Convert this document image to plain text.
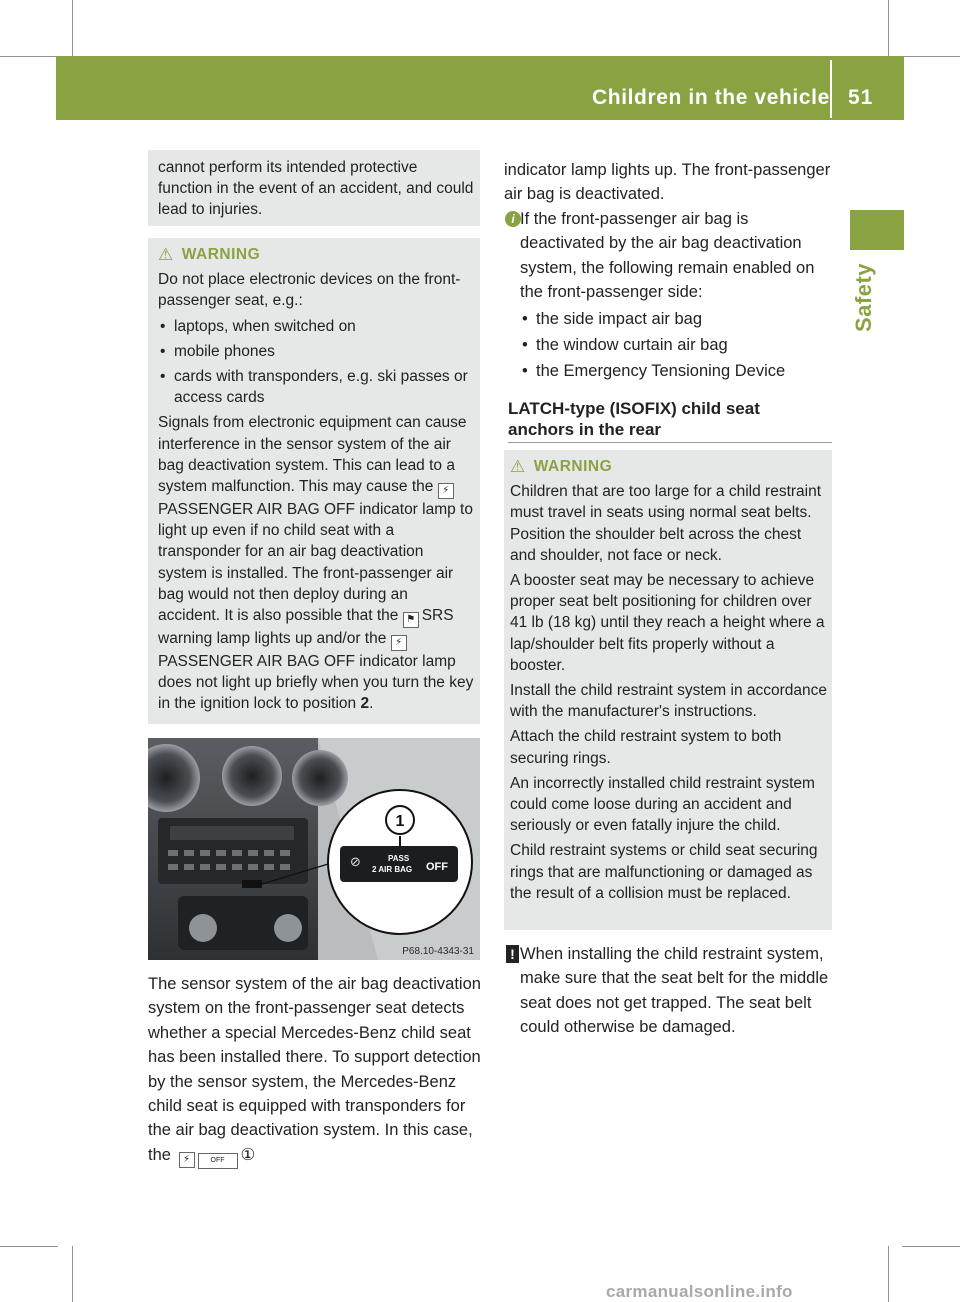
Children in the vehicle 51
Safety
cannot perform its intended protective
function in the event of an accident, and could
lead to injuries.
⚠ WARNING

Do not place electronic devices on the front-passenger seat, e.g.:

• laptops, when switched on
• mobile phones
• cards with transponders, e.g. ski passes or access cards

Signals from electronic equipment can cause interference in the sensor system of the air bag deactivation system. This can lead to a system malfunction. This may cause the ⚡PASSENGER AIR BAG OFF indicator lamp to light up even if no child seat with a transponder for an air bag deactivation system is installed. The front-passenger air bag would not then deploy during an accident. It is also possible that the ⚑ SRS warning lamp lights up and/or the ⚡PASSENGER AIR BAG OFF indicator lamp does not light up briefly when you turn the key in the ignition lock to position 2.

1
⊘	PASS
2 AIR BAG OFF
P68.10-4343-31
The sensor system of the air bag deactivation system on the front-passenger seat detects whether a special Mercedes-Benz child seat has been installed there. To support detection by the sensor system, the Mercedes-Benz child seat is equipped with transponders for the air bag deactivation system. In this case, the ⚡	OFF ①
indicator lamp lights up. The front-passenger air bag is deactivated.
i If the front-passenger air bag is deactivated by the air bag deactivation system, the following remain enabled on the front-passenger side:
• the side impact air bag
• the window curtain air bag
• the Emergency Tensioning Device
LATCH-type (ISOFIX) child seat anchors in the rear
⚠ WARNING

Children that are too large for a child restraint must travel in seats using normal seat belts. Position the shoulder belt across the chest and shoulder, not face or neck.

A booster seat may be necessary to achieve proper seat belt positioning for children over 41 lb (18 kg) until they reach a height where a lap/shoulder belt fits properly without a booster.

Install the child restraint system in accordance with the manufacturer's instructions.

Attach the child restraint system to both securing rings.

An incorrectly installed child restraint system could come loose during an accident and seriously or even fatally injure the child.

Child restraint systems or child seat securing rings that are malfunctioning or damaged as the result of a collision must be replaced.

! When installing the child restraint system, make sure that the seat belt for the middle seat does not get trapped. The seat belt could otherwise be damaged.
carmanualsonline.info
